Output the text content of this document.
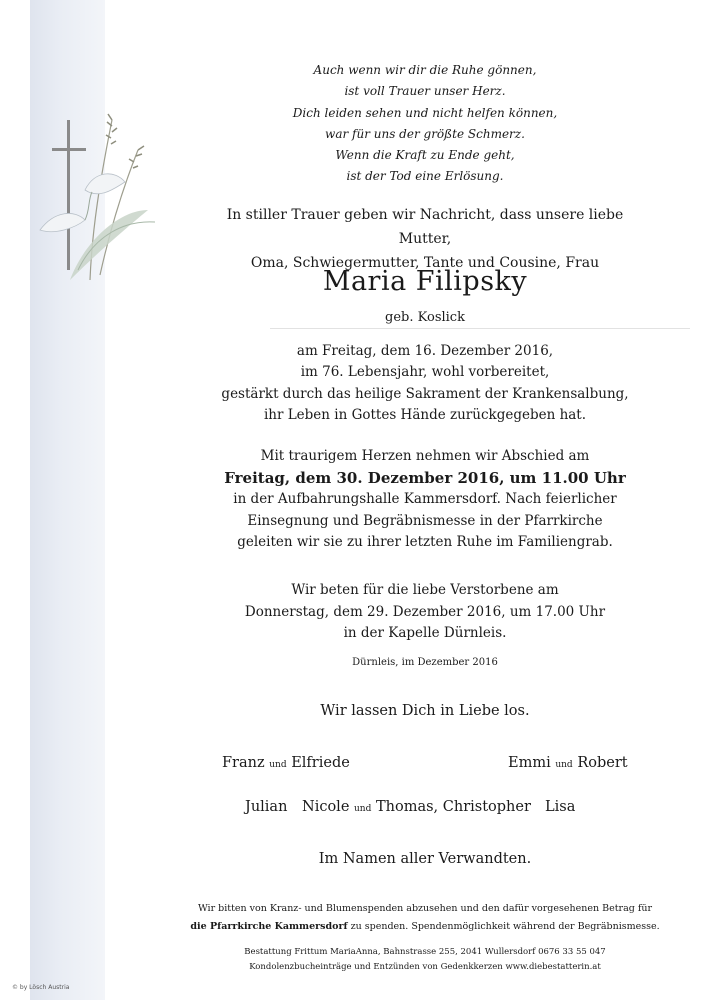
Auch wenn wir dir die Ruhe gönnen,
ist voll Trauer unser Herz.
Dich leiden sehen und nicht helfen können,
war für uns der größte Schmerz.
Wenn die Kraft zu Ende geht,
ist der Tod eine Erlösung.
In stiller Trauer geben wir Nachricht, dass unsere liebe Mutter,
Oma, Schwiegermutter, Tante und Cousine, Frau
Maria Filipsky
geb. Koslick
am Freitag, dem 16. Dezember 2016,
im 76. Lebensjahr, wohl vorbereitet,
gestärkt durch das heilige Sakrament der Krankensalbung,
ihr Leben in Gottes Hände zurückgegeben hat.
Mit traurigem Herzen nehmen wir Abschied am
Freitag, dem 30. Dezember 2016, um 11.00 Uhr
in der Aufbahrungshalle Kammersdorf. Nach feierlicher
Einsegnung und Begräbnismesse in der Pfarrkirche
geleiten wir sie zu ihrer letzten Ruhe im Familiengrab.
Wir beten für die liebe Verstorbene am
Donnerstag, dem 29. Dezember 2016, um 17.00 Uhr
in der Kapelle Dürnleis.
Dürnleis, im Dezember 2016
Wir lassen Dich in Liebe los.
Franz und Elfriede	Emmi und Robert
Julian Nicole und Thomas, Christopher Lisa
Im Namen aller Verwandten.
Wir bitten von Kranz- und Blumenspenden abzusehen und den dafür vorgesehenen Betrag für
die Pfarrkirche Kammersdorf zu spenden. Spendenmöglichkeit während der Begräbnismesse.
Bestattung Frittum MariaAnna, Bahnstrasse 255, 2041 Wullersdorf 0676 33 55 047
Kondolenzbucheinträge und Entzünden von Gedenkkerzen www.diebestatterin.at
© by Lösch Austria
